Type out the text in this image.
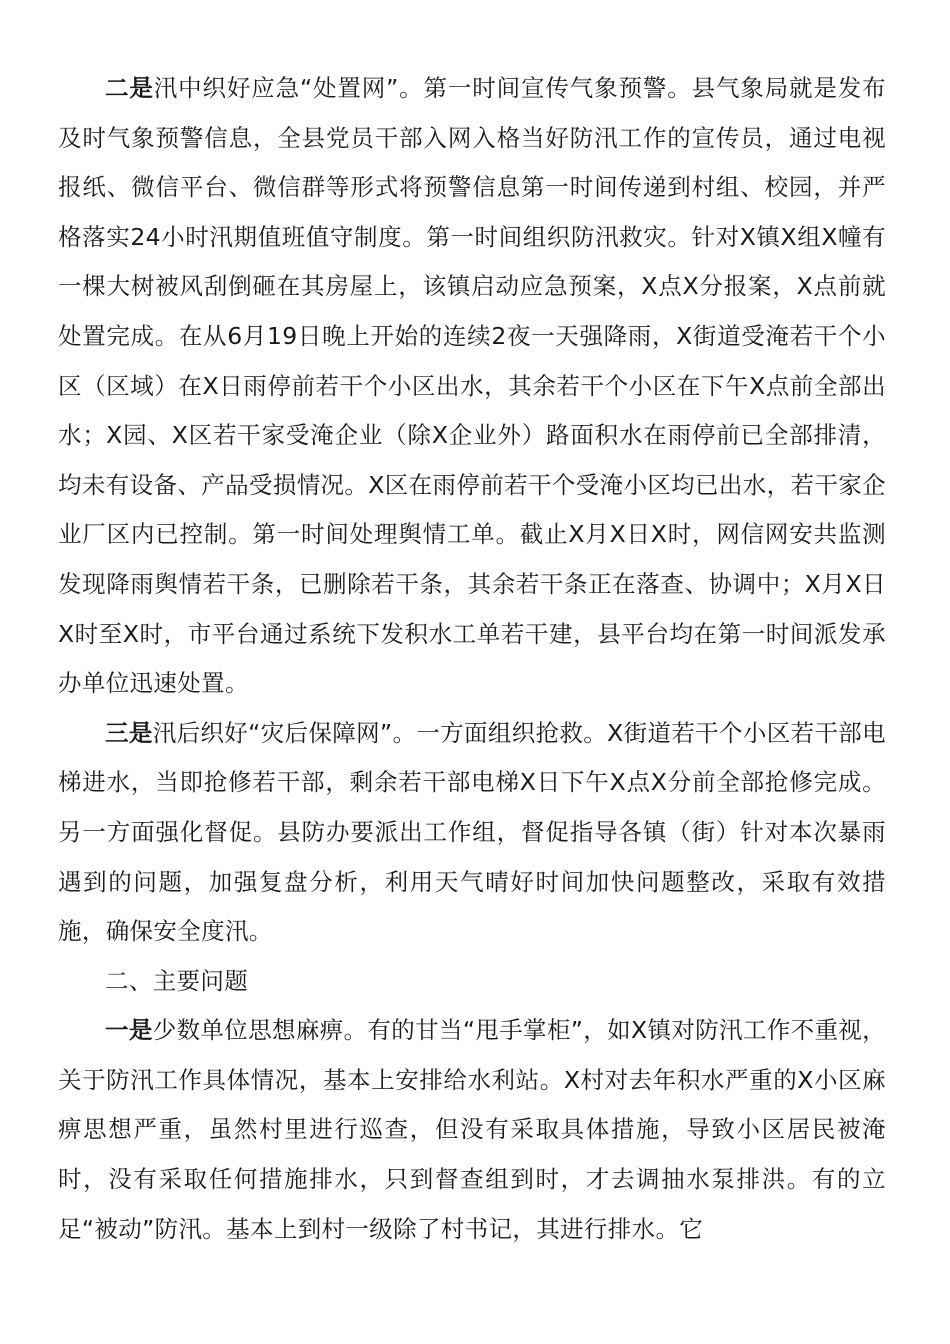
二是汛中织好应急“处置网”。第一时间宣传气象预警。县气象局就是发布及时气象预警信息，全县党员干部入网入格当好防汛工作的宣传员，通过电视报纸、微信平台、微信群等形式将预警信息第一时间传递到村组、校园，并严格落实24小时汛期值班值守制度。第一时间组织防汛救灾。针对X镇X组X幢有一棵大树被风刮倒砸在其房屋上，该镇启动应急预案，X点X分报案，X点前就处置完成。在从6月19日晚上开始的连续2夜一天强降雨，X街道受淹若干个小区（区域）在X日雨停前若干个小区出水，其余若干个小区在下午X点前全部出水；X园、X区若干家受淹企业（除X企业外）路面积水在雨停前已全部排清，均未有设备、产品受损情况。X区在雨停前若干个受淹小区均已出水，若干家企业厂区内已控制。第一时间处理舆情工单。截止X月X日X时，网信网安共监测发现降雨舆情若干条，已删除若干条，其余若干条正在落查、协调中；X月X日X时至X时，市平台通过系统下发积水工单若干建，县平台均在第一时间派发承办单位迅速处置。

三是汛后织好“灾后保障网”。一方面组织抢救。X街道若干个小区若干部电梯进水，当即抢修若干部，剩余若干部电梯X日下午X点X分前全部抢修完成。另一方面强化督促。县防办要派出工作组，督促指导各镇（街）针对本次暴雨遇到的问题，加强复盘分析，利用天气晴好时间加快问题整改，采取有效措施，确保安全度汛。

二、主要问题

一是少数单位思想麻痹。有的甘当“甩手掌柜”，如X镇对防汛工作不重视，关于防汛工作具体情况，基本上安排给水利站。X村对去年积水严重的X小区麻痹思想严重，虽然村里进行巡查，但没有采取具体措施，导致小区居民被淹时，没有采取任何措施排水，只到督查组到时，才去调抽水泵排洪。有的立足“被动”防汛。基本上到村一级除了村书记，其进行排水。它
